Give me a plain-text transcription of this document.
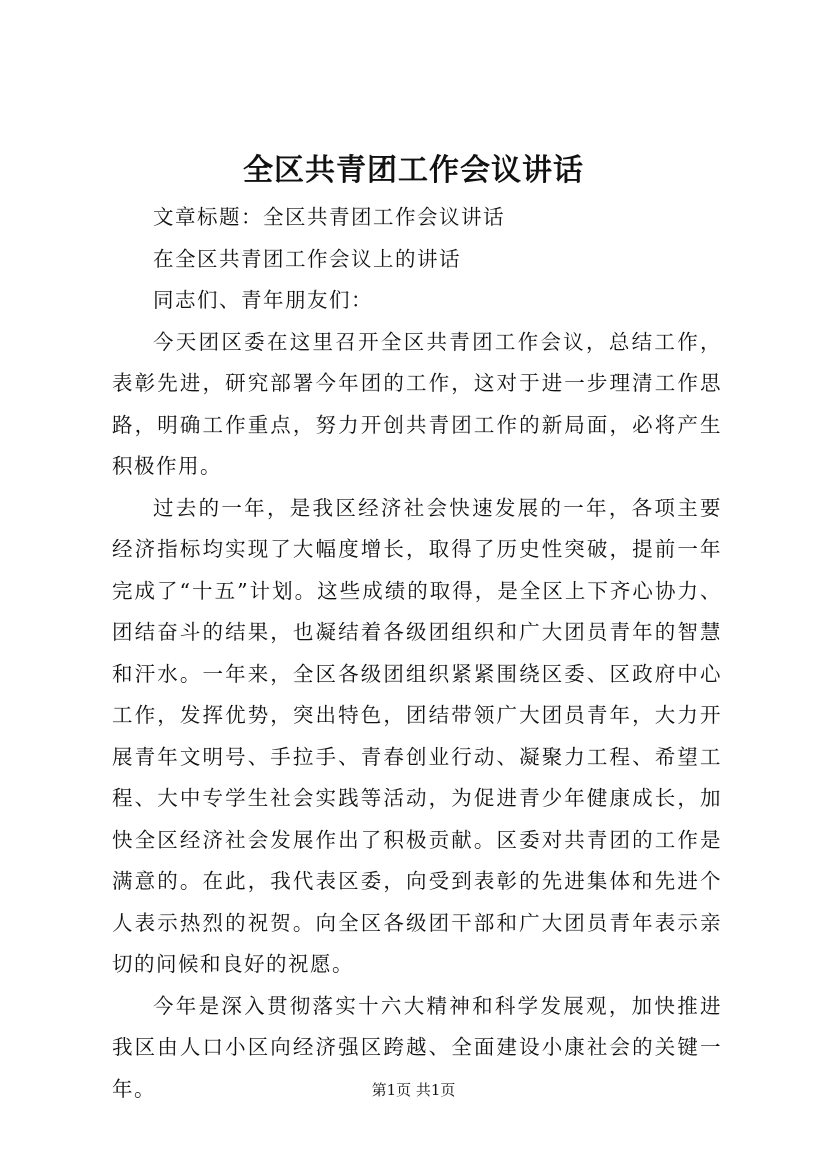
全区共青团工作会议讲话

文章标题：全区共青团工作会议讲话

在全区共青团工作会议上的讲话

同志们、青年朋友们：

今天团区委在这里召开全区共青团工作会议，总结工作，表彰先进，研究部署今年团的工作，这对于进一步理清工作思路，明确工作重点，努力开创共青团工作的新局面，必将产生积极作用。

过去的一年，是我区经济社会快速发展的一年，各项主要经济指标均实现了大幅度增长，取得了历史性突破，提前一年完成了“十五”计划。这些成绩的取得，是全区上下齐心协力、团结奋斗的结果，也凝结着各级团组织和广大团员青年的智慧和汗水。一年来，全区各级团组织紧紧围绕区委、区政府中心工作，发挥优势，突出特色，团结带领广大团员青年，大力开展青年文明号、手拉手、青春创业行动、凝聚力工程、希望工程、大中专学生社会实践等活动，为促进青少年健康成长，加快全区经济社会发展作出了积极贡献。区委对共青团的工作是满意的。在此，我代表区委，向受到表彰的先进集体和先进个人表示热烈的祝贺。向全区各级团干部和广大团员青年表示亲切的问候和良好的祝愿。

今年是深入贯彻落实十六大精神和科学发展观，加快推进我区由人口小区向经济强区跨越、全面建设小康社会的关键一年。	第1页 共1页
